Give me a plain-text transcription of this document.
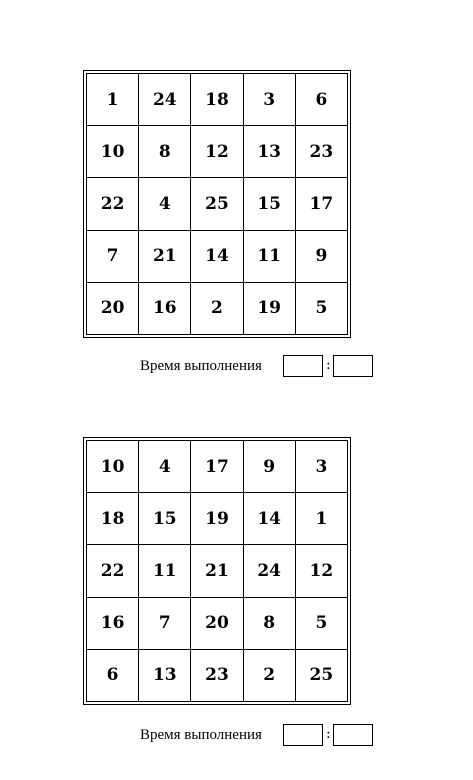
1	24	18	3	6
10	8	12	13	23
22	4	25	15	17
7	21	14	11	9
20	16	2	19	5
Время выполнения	:
10	4	17	9	3
18	15	19	14	1
22	11	21	24	12
16	7	20	8	5
6	13	23	2	25
Время выполнения	:
